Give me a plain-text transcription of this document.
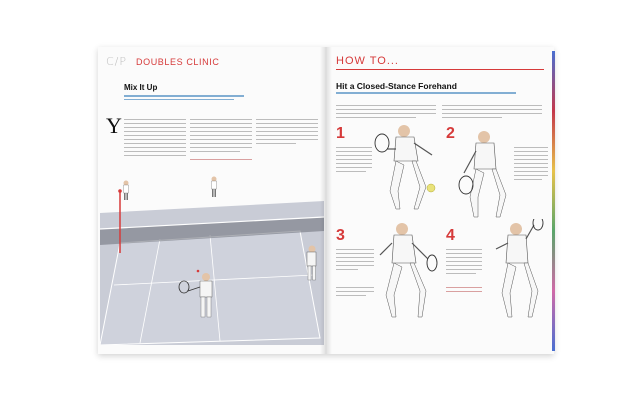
C/P DOUBLES CLINIC
Mix It Up
Y
HOW TO...
Hit a Closed-Stance Forehand
1	2
3	4
